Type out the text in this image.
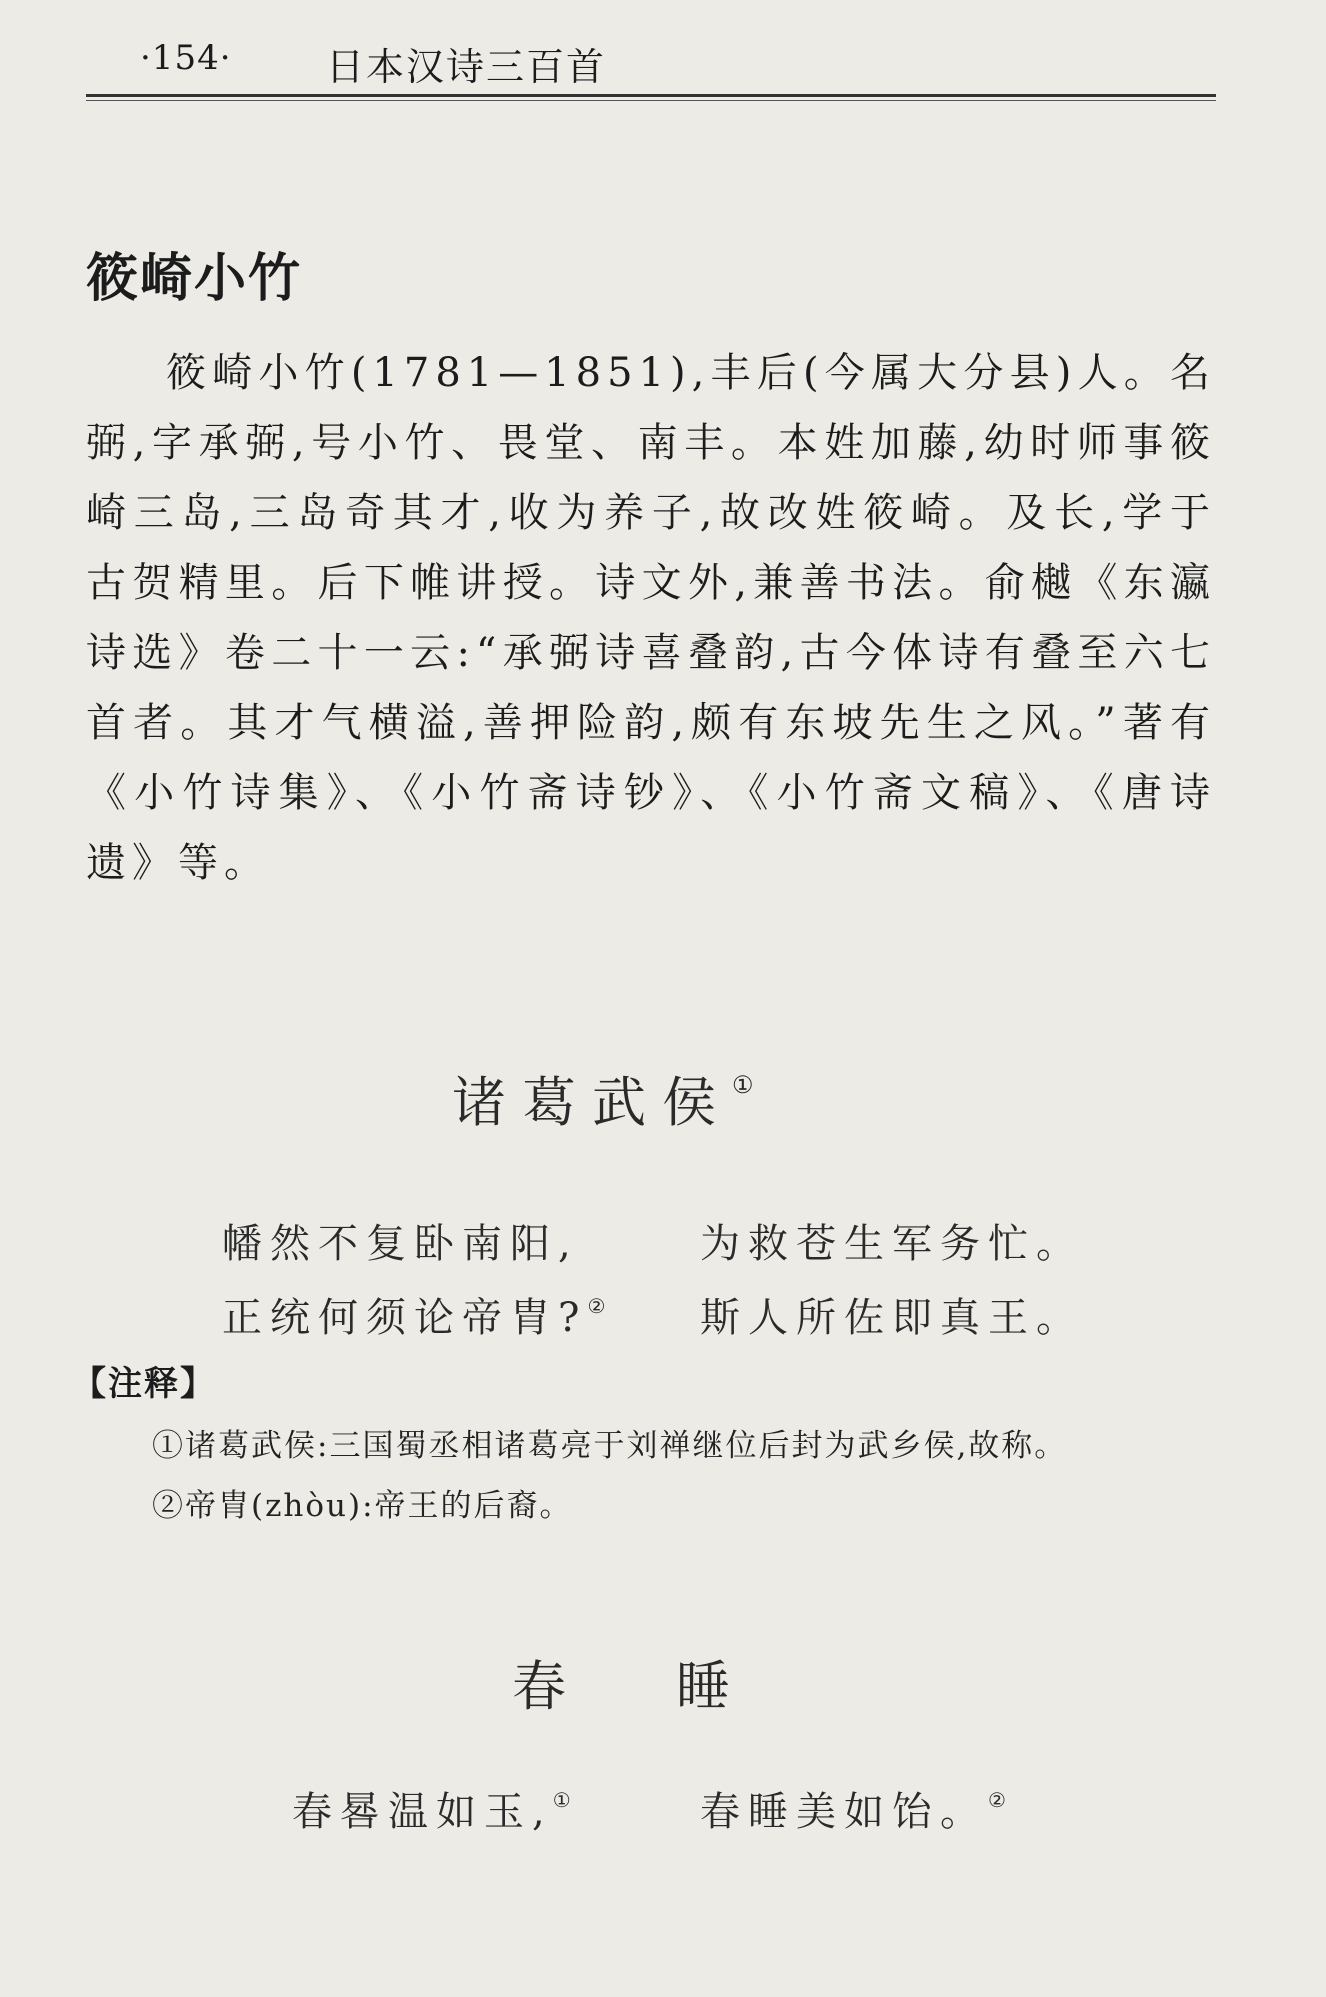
·154· 日本汉诗三百首
筱崎小竹

筱崎小竹(1781—1851),丰后(今属大分县)人。名弼,字承弼,号小竹、畏堂、南丰。本姓加藤,幼时师事筱崎三岛,三岛奇其才,收为养子,故改姓筱崎。及长,学于古贺精里。后下帷讲授。诗文外,兼善书法。俞樾《东瀛诗选》卷二十一云:“承弼诗喜叠韵,古今体诗有叠至六七首者。其才气横溢,善押险韵,颇有东坡先生之风。”著有《小竹诗集》、《小竹斋诗钞》、《小竹斋文稿》、《唐诗遗》等。

诸葛武侯①
幡然不复卧南阳,	为救苍生军务忙。
正统何须论帝胄?② 斯人所佐即真王。
【注释】
①诸葛武侯:三国蜀丞相诸葛亮于刘禅继位后封为武乡侯,故称。
②帝胄(zhòu):帝王的后裔。
春睡
春晷温如玉,①	春睡美如饴。②
